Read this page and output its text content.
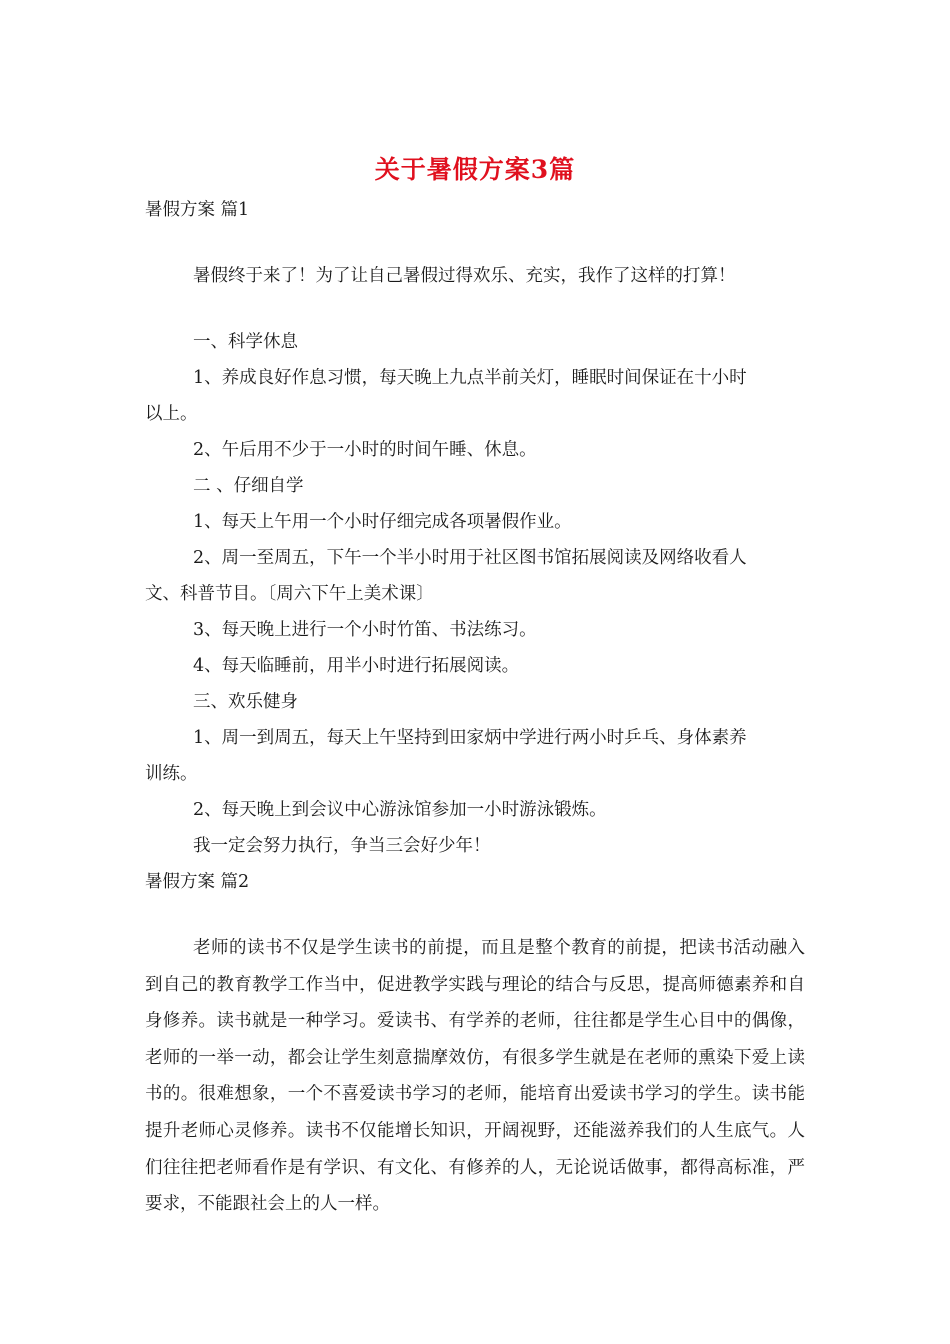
关于暑假方案3篇
暑假方案 篇1
暑假终于来了！为了让自己暑假过得欢乐、充实，我作了这样的打算！
一、科学休息
1、养成良好作息习惯，每天晚上九点半前关灯，睡眠时间保证在十小时
以上。
2、午后用不少于一小时的时间午睡、休息。
二 、仔细自学
1、每天上午用一个小时仔细完成各项暑假作业。
2、周一至周五，下午一个半小时用于社区图书馆拓展阅读及网络收看人
文、科普节目。〔周六下午上美术课〕
3、每天晚上进行一个小时竹笛、书法练习。
4、每天临睡前，用半小时进行拓展阅读。
三、欢乐健身
1、周一到周五，每天上午坚持到田家炳中学进行两小时乒乓、身体素养
训练。
2、每天晚上到会议中心游泳馆参加一小时游泳锻炼。
我一定会努力执行，争当三会好少年！
暑假方案 篇2

老师的读书不仅是学生读书的前提，而且是整个教育的前提，把读书活动融入到自己的教育教学工作当中，促进教学实践与理论的结合与反思，提高师德素养和自身修养。读书就是一种学习。爱读书、有学养的老师，往往都是学生心目中的偶像，老师的一举一动，都会让学生刻意揣摩效仿，有很多学生就是在老师的熏染下爱上读书的。很难想象，一个不喜爱读书学习的老师，能培育出爱读书学习的学生。读书能提升老师心灵修养。读书不仅能增长知识，开阔视野，还能滋养我们的人生底气。人们往往把老师看作是有学识、有文化、有修养的人，无论说话做事，都得高标准，严要求，不能跟社会上的人一样。
